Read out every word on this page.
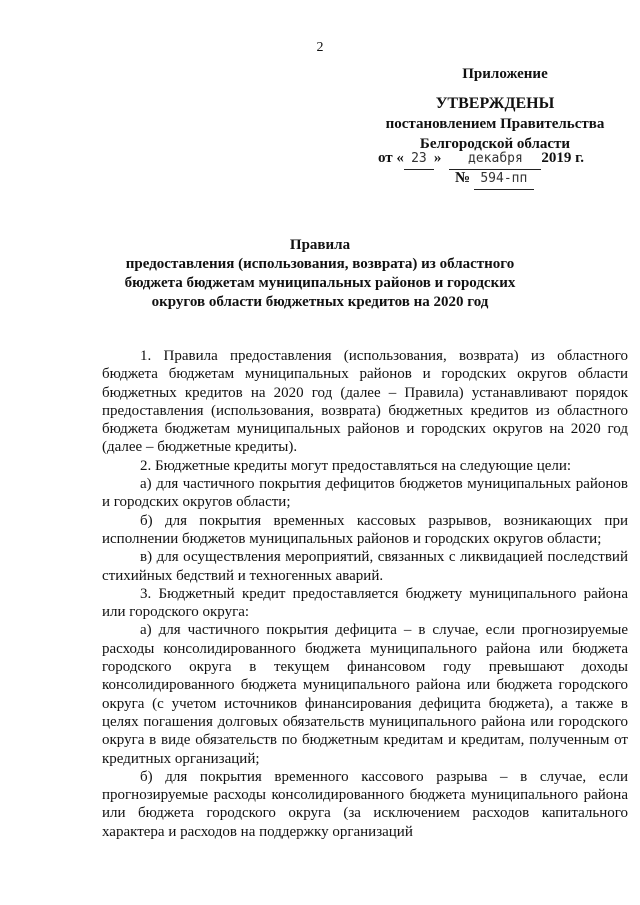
2
Приложение
УТВЕРЖДЕНЫ
постановлением Правительства
Белгородской области
от « 23 » декабря 2019 г.
№ 594-пп
Правила
предоставления (использования, возврата) из областного бюджета бюджетам муниципальных районов и городских округов области бюджетных кредитов на 2020 год

1. Правила предоставления (использования, возврата) из областного бюджета бюджетам муниципальных районов и городских округов области бюджетных кредитов на 2020 год (далее – Правила) устанавливают порядок предоставления (использования, возврата) бюджетных кредитов из областного бюджета бюджетам муниципальных районов и городских округов на 2020 год (далее – бюджетные кредиты).

2. Бюджетные кредиты могут предоставляться на следующие цели:

а) для частичного покрытия дефицитов бюджетов муниципальных районов и городских округов области;

б) для покрытия временных кассовых разрывов, возникающих при исполнении бюджетов муниципальных районов и городских округов области;

в) для осуществления мероприятий, связанных с ликвидацией последствий стихийных бедствий и техногенных аварий.

3. Бюджетный кредит предоставляется бюджету муниципального района или городского округа:

а) для частичного покрытия дефицита – в случае, если прогнозируемые расходы консолидированного бюджета муниципального района или бюджета городского округа в текущем финансовом году превышают доходы консолидированного бюджета муниципального района или бюджета городского округа (с учетом источников финансирования дефицита бюджета), а также в целях погашения долговых обязательств муниципального района или городского округа в виде обязательств по бюджетным кредитам и кредитам, полученным от кредитных организаций;

б) для покрытия временного кассового разрыва – в случае, если прогнозируемые расходы консолидированного бюджета муниципального района или бюджета городского округа (за исключением расходов капитального характера и расходов на поддержку организаций
